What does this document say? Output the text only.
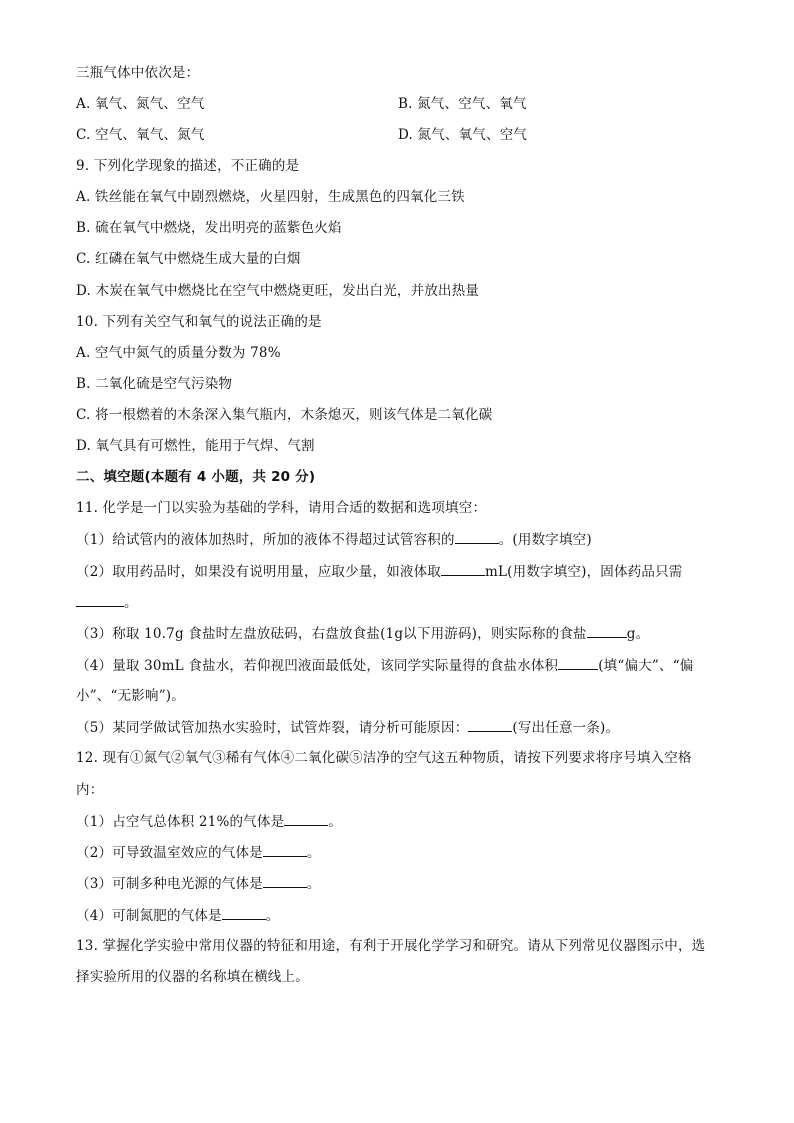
三瓶气体中依次是：
A. 氧气、氮气、空气	B. 氮气、空气、氧气
C. 空气、氧气、氮气	D. 氮气、氧气、空气
9. 下列化学现象的描述，不正确的是
A. 铁丝能在氧气中剧烈燃烧，火星四射，生成黑色的四氧化三铁
B. 硫在氧气中燃烧，发出明亮的蓝紫色火焰
C. 红磷在氧气中燃烧生成大量的白烟
D. 木炭在氧气中燃烧比在空气中燃烧更旺，发出白光，并放出热量
10. 下列有关空气和氧气的说法正确的是
A. 空气中氮气的质量分数为 78%
B. 二氧化硫是空气污染物
C. 将一根燃着的木条深入集气瓶内，木条熄灭，则该气体是二氧化碳
D. 氧气具有可燃性，能用于气焊、气割
二、填空题(本题有 4 小题，共 20 分)
11. 化学是一门以实验为基础的学科，请用合适的数据和选项填空：
（1）给试管内的液体加热时，所加的液体不得超过试管容积的	。(用数字填空)
（2）取用药品时，如果没有说明用量，应取少量，如液体取	mL(用数字填空)，固体药品只需
。
（3）称取 10.7g 食盐时左盘放砝码，右盘放食盐(1g以下用游码)，则实际称的食盐	g。
（4）量取 30mL 食盐水，若仰视凹液面最低处，该同学实际量得的食盐水体积	(填“偏大”、“偏
小”、“无影响”)。
（5）某同学做试管加热水实验时，试管炸裂，请分析可能原因：	(写出任意一条)。
12. 现有①氮气②氧气③稀有气体④二氧化碳⑤洁净的空气这五种物质，请按下列要求将序号填入空格
内：
（1）占空气总体积 21%的气体是	。
（2）可导致温室效应的气体是	。
（3）可制多种电光源的气体是	。
（4）可制氮肥的气体是	。
13. 掌握化学实验中常用仪器的特征和用途，有利于开展化学学习和研究。请从下列常见仪器图示中，选
择实验所用的仪器的名称填在横线上。
